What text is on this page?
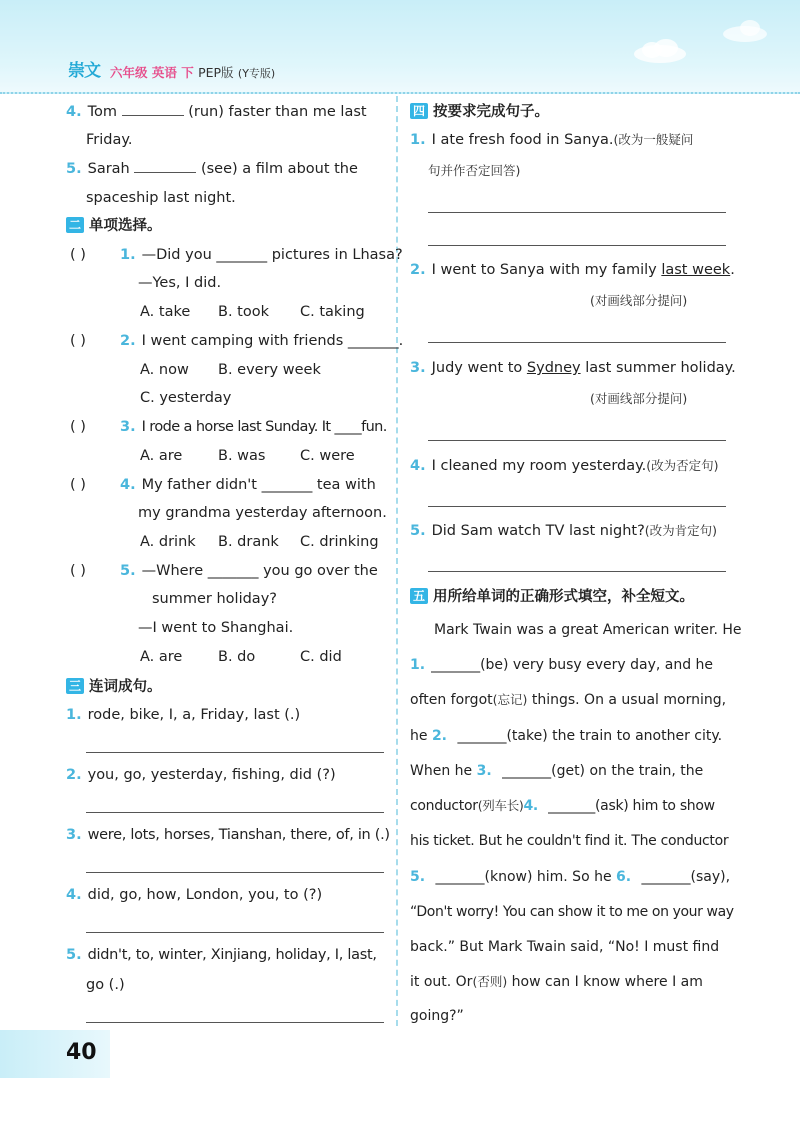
崇文 六年级 英语 下 PEP版 (Y专版)
4. Tom	(run) faster than me last
Friday.
5. Sarah	(see) a film about the
spaceship last night.
二 单项选择。
( ) 1. —Did you _______ pictures in Lhasa?
—Yes, I did.
A. take B. took C. taking
( ) 2. I went camping with friends _______.
A. now B. every week
C. yesterday
( ) 3. I rode a horse last Sunday. It ____fun.
A. are B. was C. were
( ) 4. My father didn't _______ tea with
my grandma yesterday afternoon.
A. drink B. drank C. drinking
( ) 5. —Where _______ you go over the
summer holiday?
—I went to Shanghai.
A. are B. do	C. did
三 连词成句。
1. rode, bike, I, a, Friday, last (.)
2. you, go, yesterday, fishing, did (?)
3. were, lots, horses, Tianshan, there, of, in (.)
4. did, go, how, London, you, to (?)
5. didn't, to, winter, Xinjiang, holiday, I, last,
go (.)
四 按要求完成句子。
1. I ate fresh food in Sanya.(改为一般疑问
句并作否定回答)
2. I went to Sanya with my family last week.
(对画线部分提问)
3. Judy went to Sydney last summer holiday.
(对画线部分提问)
4. I cleaned my room yesterday.(改为否定句)
5. Did Sam watch TV last night?(改为肯定句)
五 用所给单词的正确形式填空，补全短文。
Mark Twain was a great American writer. He
1. _______(be) very busy every day, and he
often forgot(忘记) things. On a usual morning,
he 2. _______(take) the train to another city.
When he 3. _______(get) on the train, the
conductor(列车长)4. _______(ask) him to show
his ticket. But he couldn't find it. The conductor
5. _______(know) him. So he 6. _______(say),
“Don't worry! You can show it to me on your way
back.” But Mark Twain said, “No! I must find
it out. Or(否则) how can I know where I am
going?”
40
